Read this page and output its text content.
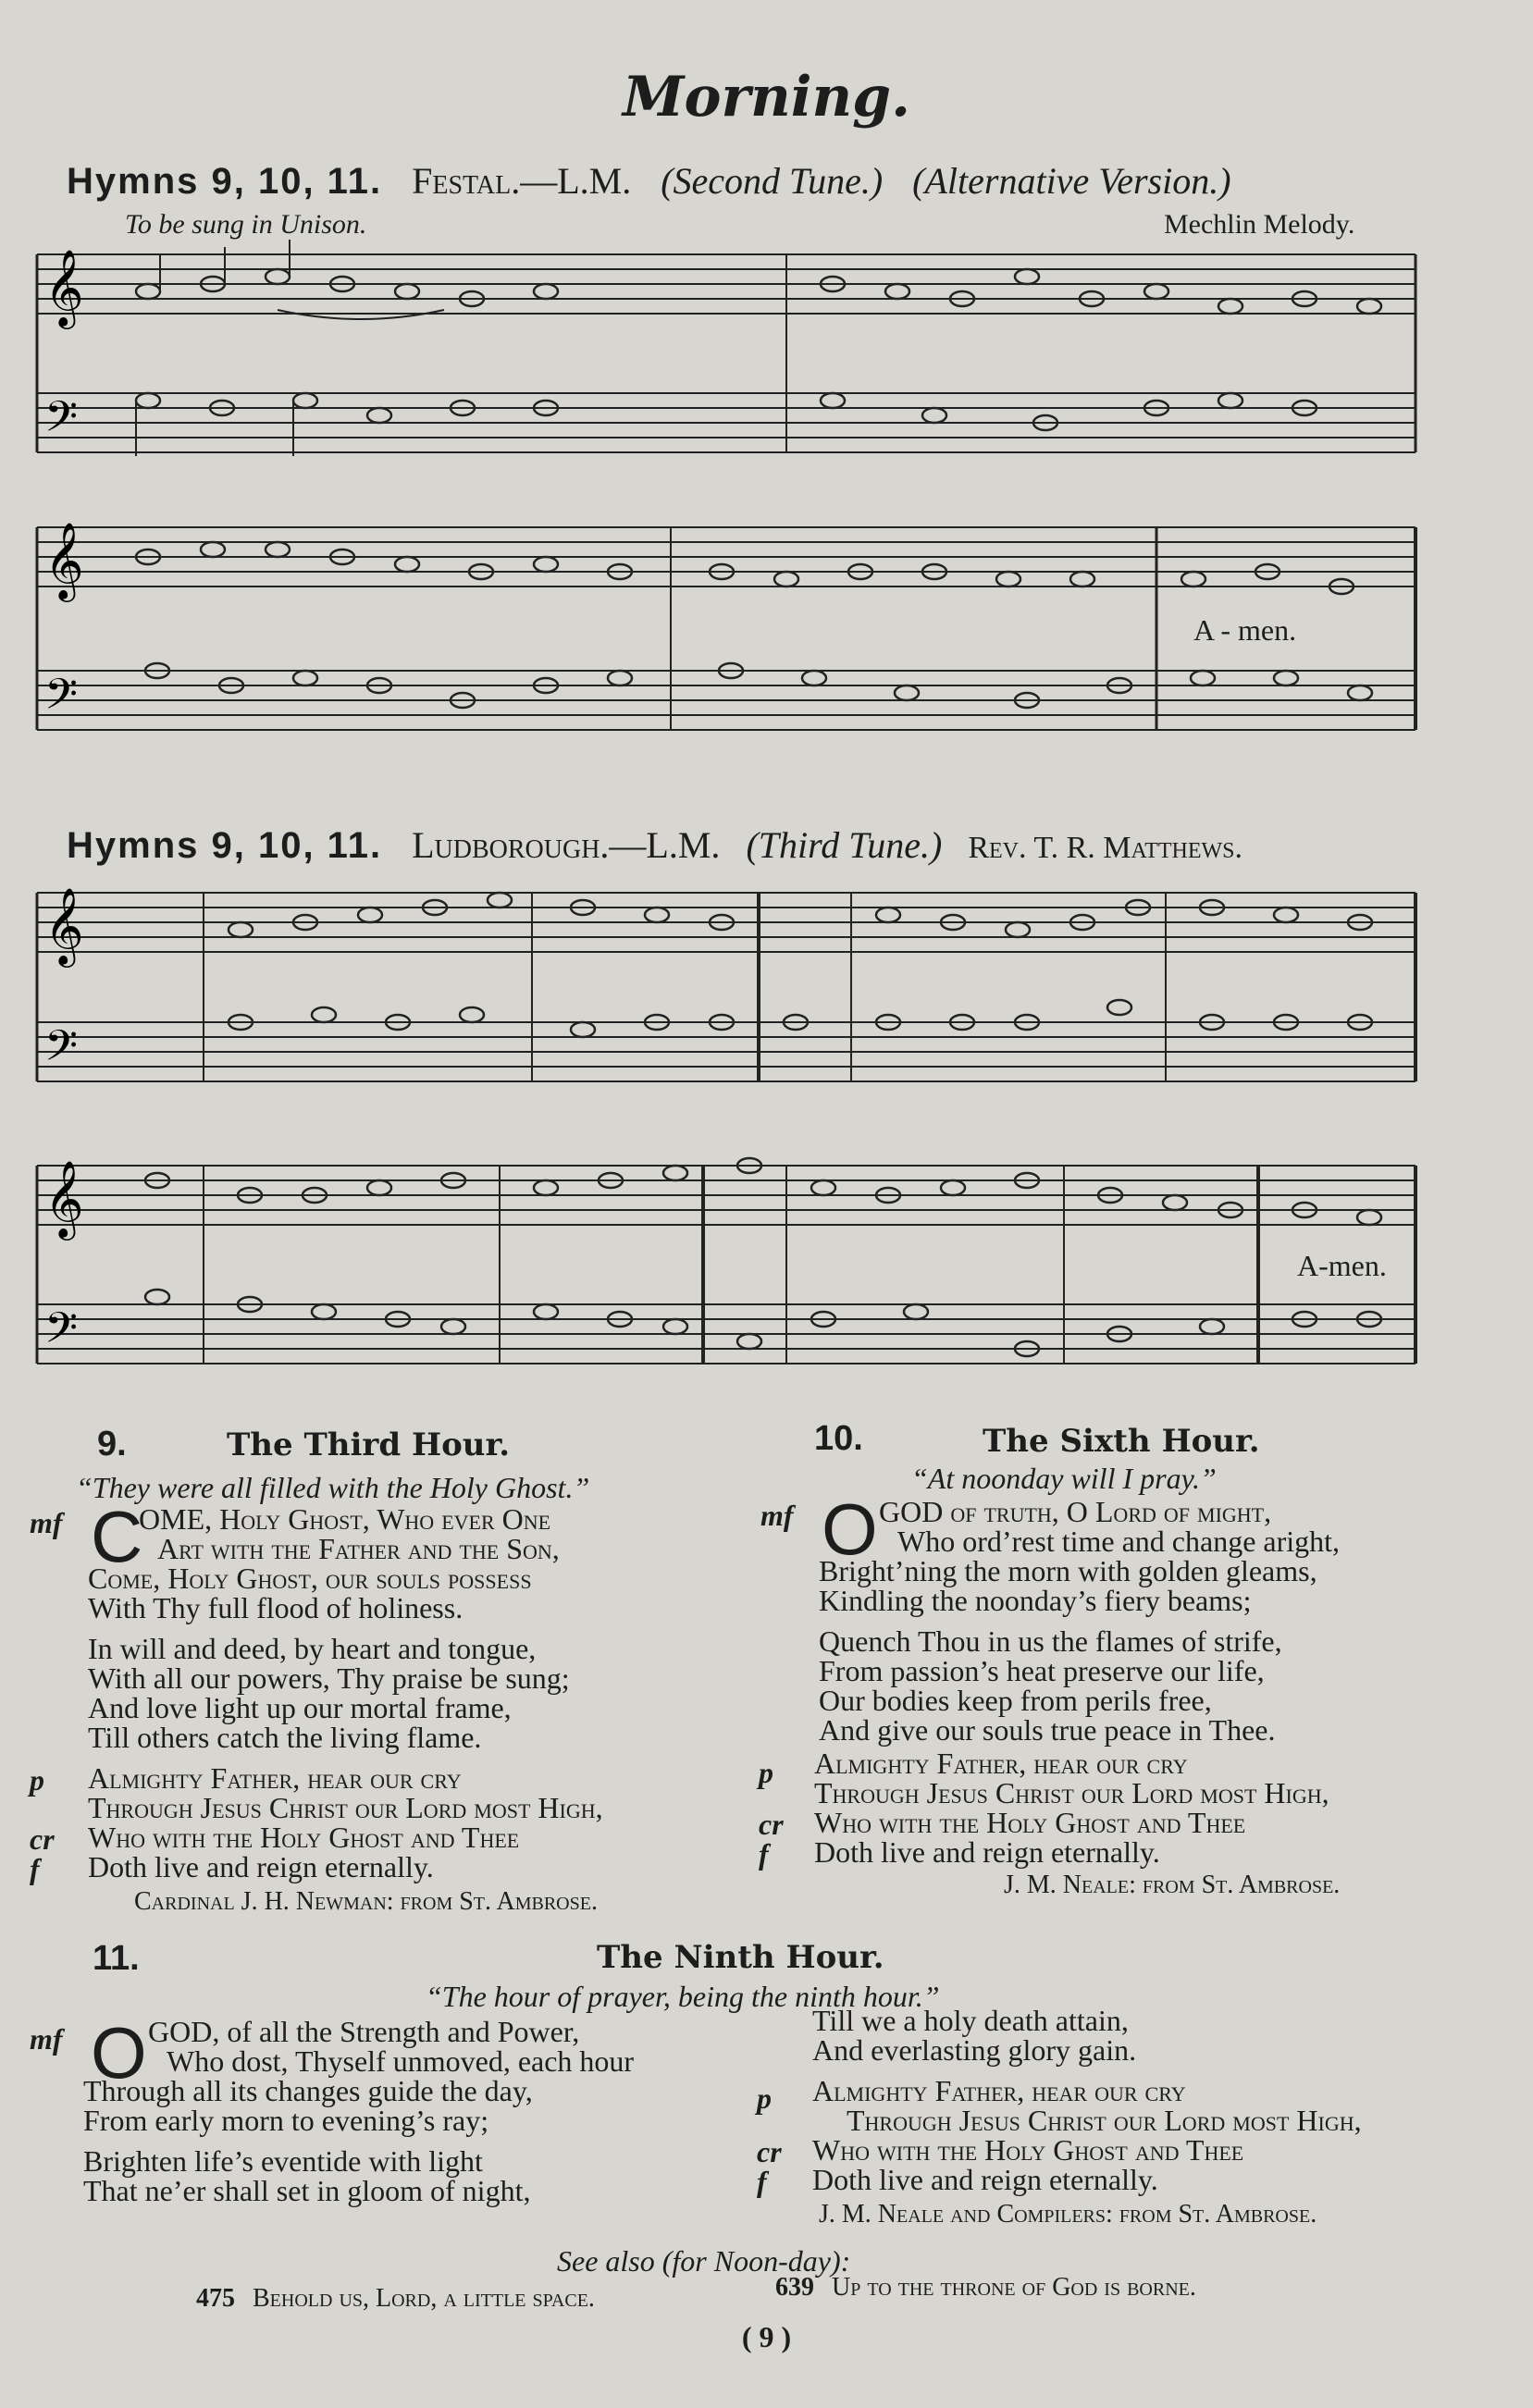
Morning.
Hymns 9, 10, 11. Festal.—L.M. (Second Tune.) (Alternative Version.)
To be sung in Unison.	Mechlin Melody.
𝄞
𝄢
𝄞
𝄢
A - men.
Hymns 9, 10, 11. Ludborough.—L.M. (Third Tune.) Rev. T. R. Matthews.
𝄞
𝄢
𝄞
𝄢
A-men.
9.	The Third Hour.
“They were all filled with the Holy Ghost.”
mf C
OME, Holy Ghost, Who ever One
Art with the Father and the Son,
Come, Holy Ghost, our souls possess
With Thy full flood of holiness.
In will and deed, by heart and tongue,
With all our powers, Thy praise be sung;
And love light up our mortal frame,
Till others catch the living flame.
p Almighty Father, hear our cry
Through Jesus Christ our Lord most High,
cr Who with the Holy Ghost and Thee
f Doth live and reign eternally.
Cardinal J. H. Newman: from St. Ambrose.
10.	The Sixth Hour.
“At noonday will I pray.”
mf O GOD of truth, O Lord of might,
Who ord’rest time and change aright,
Bright’ning the morn with golden gleams,
Kindling the noonday’s fiery beams;
Quench Thou in us the flames of strife,
From passion’s heat preserve our life,
Our bodies keep from perils free,
And give our souls true peace in Thee.
p Almighty Father, hear our cry
Through Jesus Christ our Lord most High,
cr Who with the Holy Ghost and Thee
f Doth live and reign eternally.
J. M. Neale: from St. Ambrose.
11.	The Ninth Hour.
“The hour of prayer, being the ninth hour.”
mf O GOD, of all the Strength and Power,
Who dost, Thyself unmoved, each hour
Through all its changes guide the day,
From early morn to evening’s ray;
Brighten life’s eventide with light
That ne’er shall set in gloom of night,
Till we a holy death attain,
And everlasting glory gain.
p Almighty Father, hear our cry
Through Jesus Christ our Lord most High,
cr Who with the Holy Ghost and Thee
f Doth live and reign eternally.
J. M. Neale and Compilers: from St. Ambrose.
See also (for Noon-day):
475 Behold us, Lord, a little space.	639 Up to the throne of God is borne.
( 9 )
